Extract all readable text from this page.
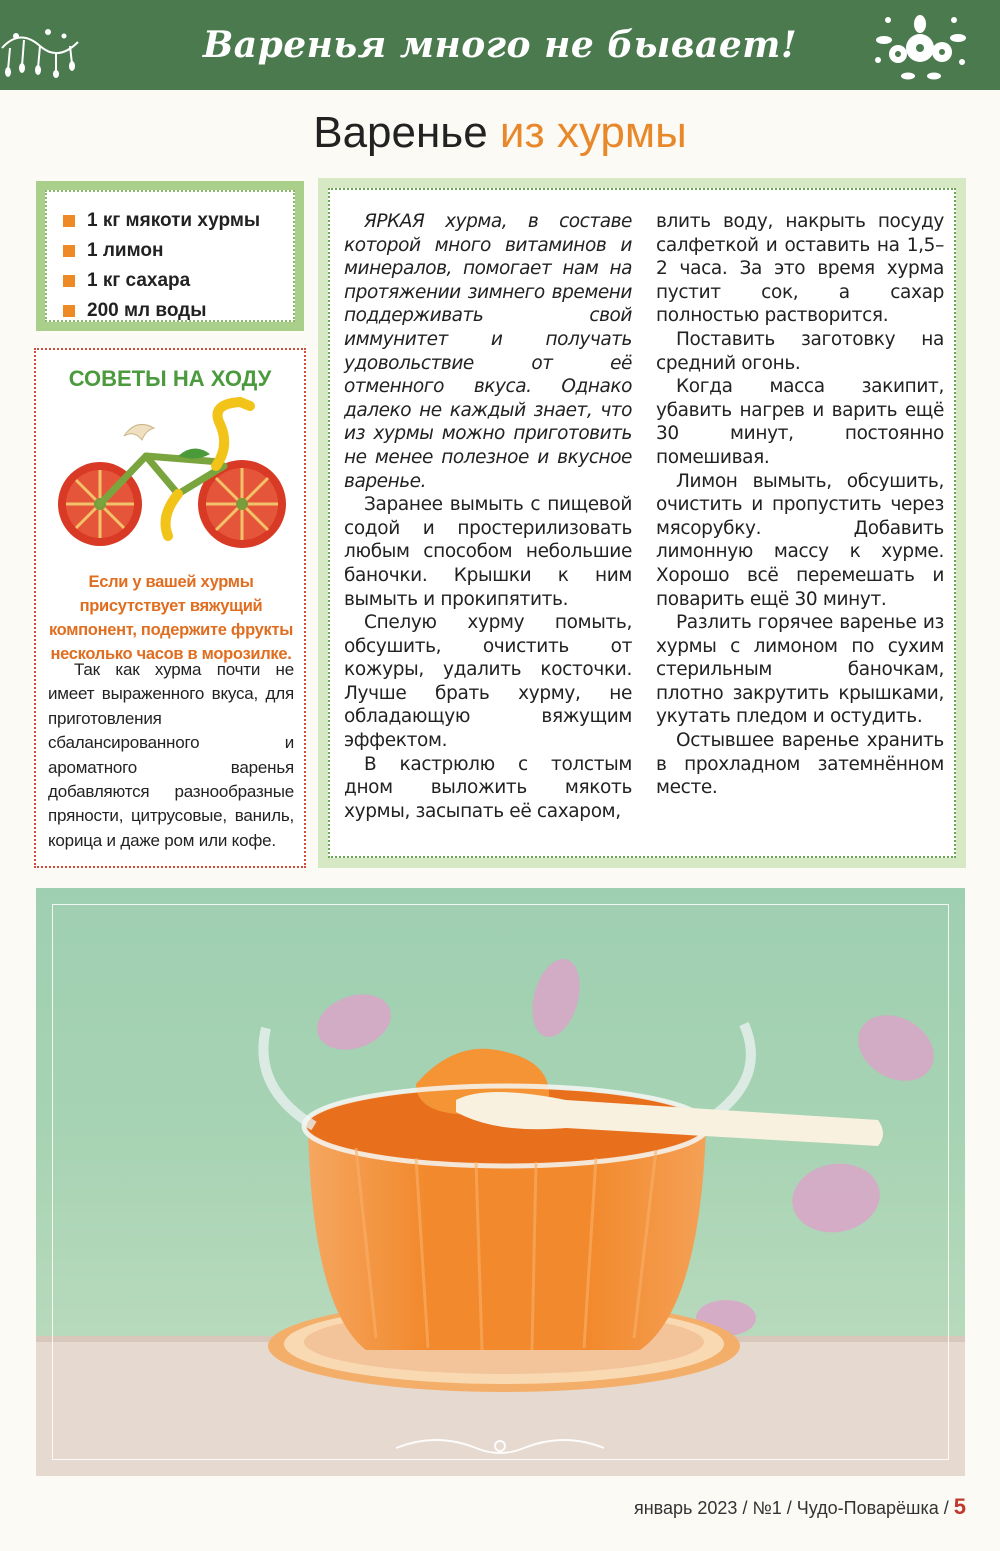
Варенья много не бывает!
Варенье из хурмы
1 кг мякоти хурмы
1 лимон
1 кг сахара
200 мл воды
СОВЕТЫ НА ХОДУ
Если у вашей хурмы присутствует вяжущий компонент, подержите фрукты несколько часов в морозилке.
Так как хурма почти не имеет выраженного вкуса, для приготовления сбалансированного и ароматного варенья добавляются разнообразные пряности, цитрусовые, ваниль, корица и даже ром или кофе.

ЯРКАЯ хурма, в составе которой много витаминов и минералов, помогает нам на протяжении зимнего времени поддерживать свой иммунитет и получать удовольствие от её отменного вкуса. Однако далеко не каждый знает, что из хурмы можно приготовить не менее полезное и вкусное варенье.

Заранее вымыть с пищевой содой и простерилизовать любым способом небольшие баночки. Крышки к ним вымыть и прокипятить.

Спелую хурму помыть, обсушить, очистить от кожуры, удалить косточки. Лучше брать хурму, не обладающую вяжущим эффектом.

В кастрюлю с толстым дном выложить мякоть хурмы, засыпать её сахаром,

влить воду, накрыть посуду салфеткой и оставить на 1,5–2 часа. За это время хурма пустит сок, а сахар полностью растворится.

Поставить заготовку на средний огонь.

Когда масса закипит, убавить нагрев и варить ещё 30 минут, постоянно помешивая.

Лимон вымыть, обсушить, очистить и пропустить через мясорубку. Добавить лимонную массу к хурме. Хорошо всё перемешать и поварить ещё 30 минут.

Разлить горячее варенье из хурмы с лимоном по сухим стерильным баночкам, плотно закрутить крышками, укутать пледом и остудить.

Остывшее варенье хранить в прохладном затемнённом месте.

январь 2023 / №1 / Чудо-Поварёшка / 5
